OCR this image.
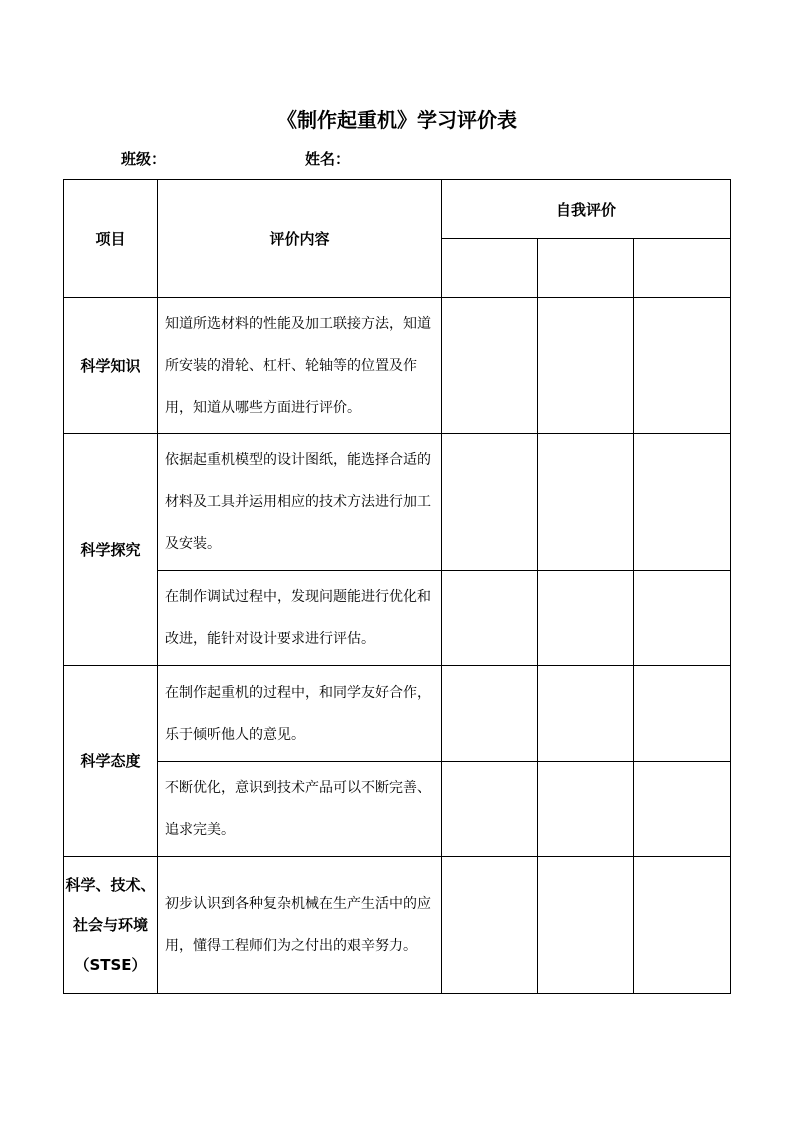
《制作起重机》学习评价表
班级：	姓名：
项目	评价内容	自我评价		

科学知识	知道所选材料的性能及加工联接方法，知道所安装的滑轮、杠杆、轮轴等的位置及作用，知道从哪些方面进行评价。			
科学探究	依据起重机模型的设计图纸，能选择合适的材料及工具并运用相应的技术方法进行加工及安装。			
	在制作调试过程中，发现问题能进行优化和改进，能针对设计要求进行评估。			
科学态度	在制作起重机的过程中，和同学友好合作，乐于倾听他人的意见。			
	不断优化，意识到技术产品可以不断完善、追求完美。			

科学、技术、
社会与环境
（STSE）	初步认识到各种复杂机械在生产生活中的应用，懂得工程师们为之付出的艰辛努力。			
